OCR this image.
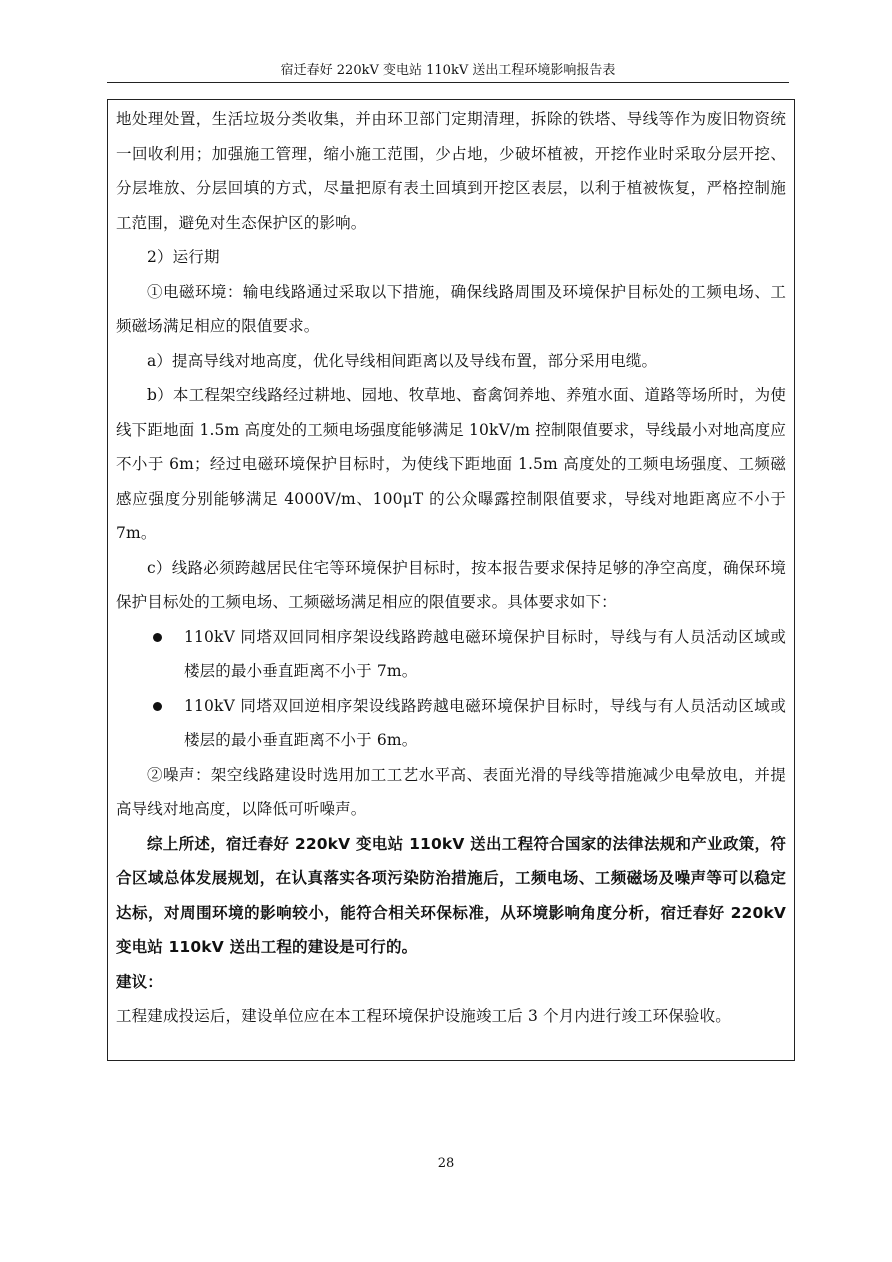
宿迁春好 220kV 变电站 110kV 送出工程环境影响报告表

地处理处置，生活垃圾分类收集，并由环卫部门定期清理，拆除的铁塔、导线等作为废旧物资统一回收利用；加强施工管理，缩小施工范围，少占地，少破坏植被，开挖作业时采取分层开挖、分层堆放、分层回填的方式，尽量把原有表土回填到开挖区表层，以利于植被恢复，严格控制施工范围，避免对生态保护区的影响。

2）运行期

①电磁环境：输电线路通过采取以下措施，确保线路周围及环境保护目标处的工频电场、工频磁场满足相应的限值要求。

a）提高导线对地高度，优化导线相间距离以及导线布置，部分采用电缆。

b）本工程架空线路经过耕地、园地、牧草地、畜禽饲养地、养殖水面、道路等场所时，为使线下距地面 1.5m 高度处的工频电场强度能够满足 10kV/m 控制限值要求，导线最小对地高度应不小于 6m；经过电磁环境保护目标时，为使线下距地面 1.5m 高度处的工频电场强度、工频磁感应强度分别能够满足 4000V/m、100μT 的公众曝露控制限值要求，导线对地距离应不小于 7m。

c）线路必须跨越居民住宅等环境保护目标时，按本报告要求保持足够的净空高度，确保环境保护目标处的工频电场、工频磁场满足相应的限值要求。具体要求如下：

110kV 同塔双回同相序架设线路跨越电磁环境保护目标时，导线与有人员活动区域或楼层的最小垂直距离不小于 7m。

110kV 同塔双回逆相序架设线路跨越电磁环境保护目标时，导线与有人员活动区域或楼层的最小垂直距离不小于 6m。

②噪声：架空线路建设时选用加工工艺水平高、表面光滑的导线等措施减少电晕放电，并提高导线对地高度，以降低可听噪声。

综上所述，宿迁春好 220kV 变电站 110kV 送出工程符合国家的法律法规和产业政策，符合区域总体发展规划，在认真落实各项污染防治措施后，工频电场、工频磁场及噪声等可以稳定达标，对周围环境的影响较小，能符合相关环保标准，从环境影响角度分析，宿迁春好 220kV 变电站 110kV 送出工程的建设是可行的。

建议：

工程建成投运后，建设单位应在本工程环境保护设施竣工后 3 个月内进行竣工环保验收。

28
